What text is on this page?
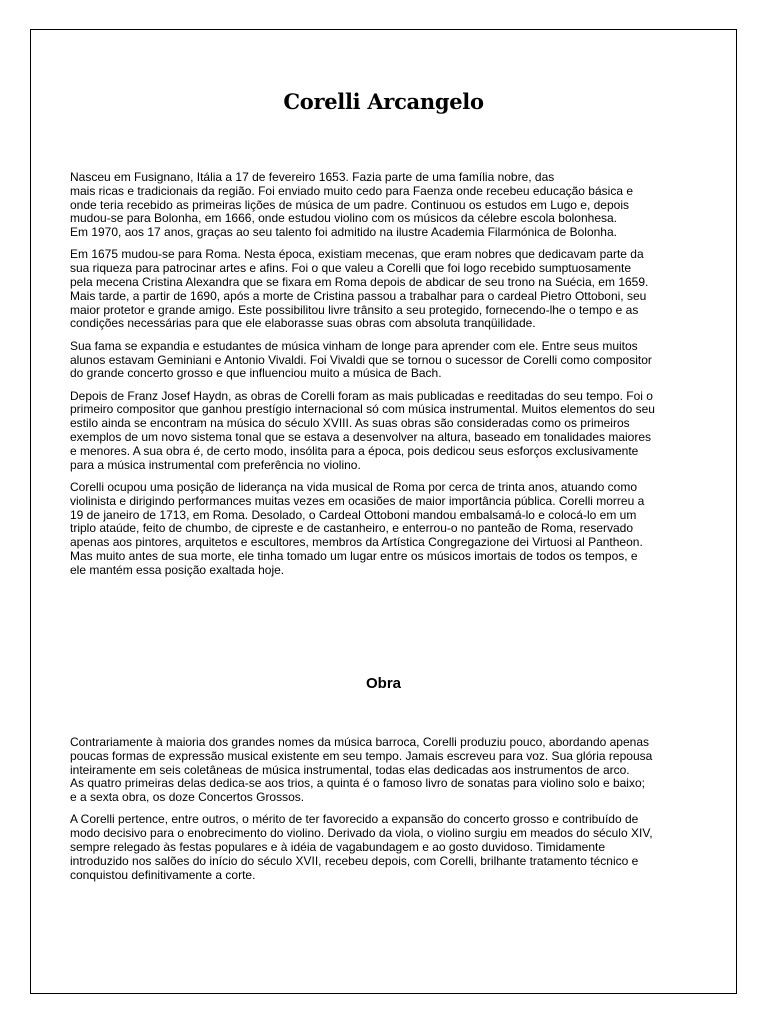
Corelli Arcangelo

Nasceu em Fusignano, Itália a 17 de fevereiro 1653. Fazia parte de uma família nobre, das
mais ricas e tradicionais da região. Foi enviado muito cedo para Faenza onde recebeu educação básica e
onde teria recebido as primeiras lições de música de um padre. Continuou os estudos em Lugo e, depois
mudou-se para Bolonha, em 1666, onde estudou violino com os músicos da célebre escola bolonhesa.
Em 1970, aos 17 anos, graças ao seu talento foi admitido na ilustre Academia Filarmónica de Bolonha.

Em 1675 mudou-se para Roma. Nesta época, existiam mecenas, que eram nobres que dedicavam parte da
sua riqueza para patrocinar artes e afins. Foi o que valeu a Corelli que foi logo recebido sumptuosamente
pela mecena Cristina Alexandra que se fixara em Roma depois de abdicar de seu trono na Suécia, em 1659.
Mais tarde, a partir de 1690, após a morte de Cristina passou a trabalhar para o cardeal Pietro Ottoboni, seu
maior protetor e grande amigo. Este possibilitou livre trânsito a seu protegido, fornecendo-lhe o tempo e as
condições necessárias para que ele elaborasse suas obras com absoluta tranqüilidade.

Sua fama se expandia e estudantes de música vinham de longe para aprender com ele. Entre seus muitos
alunos estavam Geminiani e Antonio Vivaldi. Foi Vivaldi que se tornou o sucessor de Corelli como compositor
do grande concerto grosso e que influenciou muito a música de Bach.

Depois de Franz Josef Haydn, as obras de Corelli foram as mais publicadas e reeditadas do seu tempo. Foi o
primeiro compositor que ganhou prestígio internacional só com música instrumental. Muitos elementos do seu
estilo ainda se encontram na música do século XVIII. As suas obras são consideradas como os primeiros
exemplos de um novo sistema tonal que se estava a desenvolver na altura, baseado em tonalidades maiores
e menores. A sua obra é, de certo modo, insólita para a época, pois dedicou seus esforços exclusivamente
para a música instrumental com preferência no violino.

Corelli ocupou uma posição de liderança na vida musical de Roma por cerca de trinta anos, atuando como
violinista e dirigindo performances muitas vezes em ocasiões de maior importância pública. Corelli morreu a
19 de janeiro de 1713, em Roma. Desolado, o Cardeal Ottoboni mandou embalsamá-lo e colocá-lo em um
triplo ataúde, feito de chumbo, de cipreste e de castanheiro, e enterrou-o no panteão de Roma, reservado
apenas aos pintores, arquitetos e escultores, membros da Artística Congregazione dei Virtuosi al Pantheon.
Mas muito antes de sua morte, ele tinha tomado um lugar entre os músicos imortais de todos os tempos, e
ele mantém essa posição exaltada hoje.

Obra

Contrariamente à maioria dos grandes nomes da música barroca, Corelli produziu pouco, abordando apenas
poucas formas de expressão musical existente em seu tempo. Jamais escreveu para voz. Sua glória repousa
inteiramente em seis coletâneas de música instrumental, todas elas dedicadas aos instrumentos de arco.
As quatro primeiras delas dedica-se aos trios, a quinta é o famoso livro de sonatas para violino solo e baixo;
e a sexta obra, os doze Concertos Grossos.

A Corelli pertence, entre outros, o mérito de ter favorecido a expansão do concerto grosso e contribuído de
modo decisivo para o enobrecimento do violino. Derivado da viola, o violino surgiu em meados do século XIV,
sempre relegado às festas populares e à idéia de vagabundagem e ao gosto duvidoso. Timidamente
introduzido nos salões do início do século XVII, recebeu depois, com Corelli, brilhante tratamento técnico e
conquistou definitivamente a corte.
